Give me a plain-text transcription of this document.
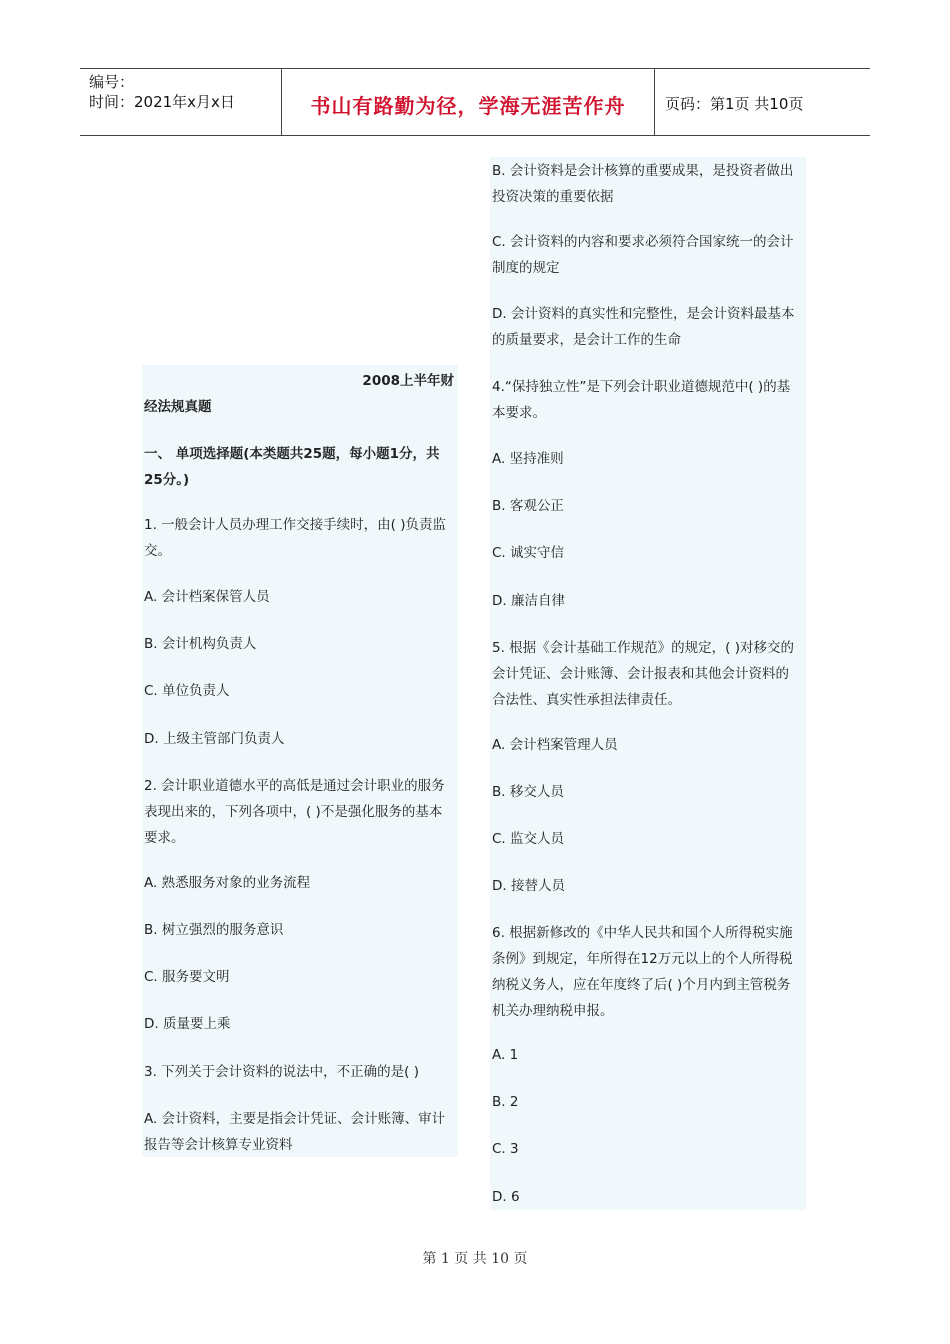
编号：
时间：2021年x月x日	书山有路勤为径，学海无涯苦作舟	页码：第1页 共10页
2008上半年财
经法规真题
一、 单项选择题(本类题共25题，每小题1分，共25分。)
1. 一般会计人员办理工作交接手续时，由( )负责监交。
A. 会计档案保管人员
B. 会计机构负责人
C. 单位负责人
D. 上级主管部门负责人
2. 会计职业道德水平的高低是通过会计职业的服务表现出来的，下列各项中，( )不是强化服务的基本要求。
A. 熟悉服务对象的业务流程
B. 树立强烈的服务意识
C. 服务要文明
D. 质量要上乘
3. 下列关于会计资料的说法中，不正确的是( )
A. 会计资料，主要是指会计凭证、会计账簿、审计报告等会计核算专业资料
B. 会计资料是会计核算的重要成果，是投资者做出投资决策的重要依据
C. 会计资料的内容和要求必须符合国家统一的会计制度的规定
D. 会计资料的真实性和完整性，是会计资料最基本的质量要求，是会计工作的生命
4.“保持独立性”是下列会计职业道德规范中( )的基本要求。
A. 坚持准则
B. 客观公正
C. 诚实守信
D. 廉洁自律
5. 根据《会计基础工作规范》的规定，( )对移交的会计凭证、会计账簿、会计报表和其他会计资料的合法性、真实性承担法律责任。
A. 会计档案管理人员
B. 移交人员
C. 监交人员
D. 接替人员
6. 根据新修改的《中华人民共和国个人所得税实施条例》到规定，年所得在12万元以上的个人所得税纳税义务人，应在年度终了后( )个月内到主管税务机关办理纳税申报。
A. 1
B. 2
C. 3
D. 6
第 1 页 共 10 页
